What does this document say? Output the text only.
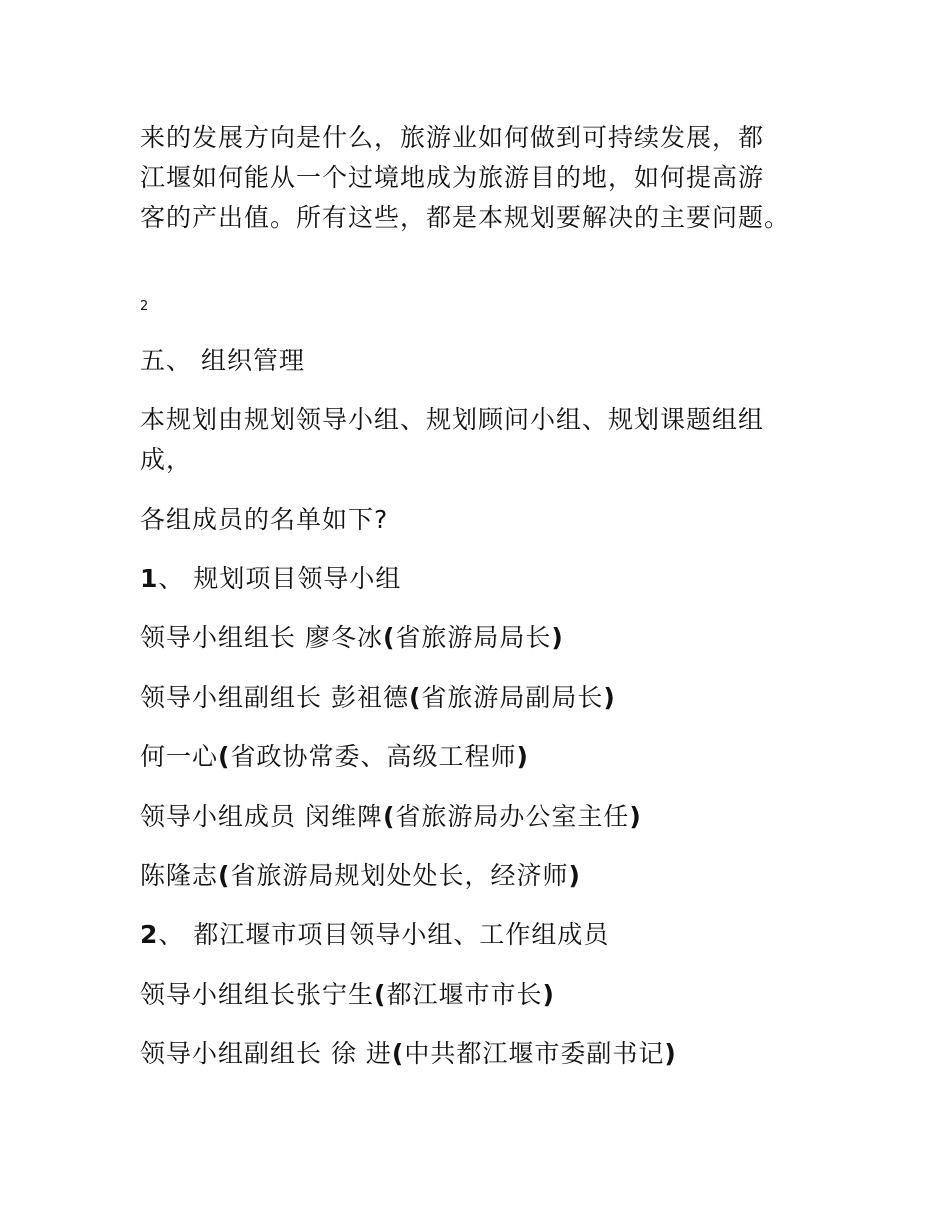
来的发展方向是什么，旅游业如何做到可持续发展，都
江堰如何能从一个过境地成为旅游目的地，如何提高游
客的产出值。所有这些，都是本规划要解决的主要问题。
2
五、 组织管理
本规划由规划领导小组、规划顾问小组、规划课题组组
成，
各组成员的名单如下?
1、 规划项目领导小组
领导小组组长 廖冬冰(省旅游局局长)
领导小组副组长 彭祖德(省旅游局副局长)
何一心(省政协常委、高级工程师)
领导小组成员 闵维陴(省旅游局办公室主任)
陈隆志(省旅游局规划处处长，经济师)
2、 都江堰市项目领导小组、工作组成员
领导小组组长张宁生(都江堰市市长)
领导小组副组长 徐 进(中共都江堰市委副书记)
